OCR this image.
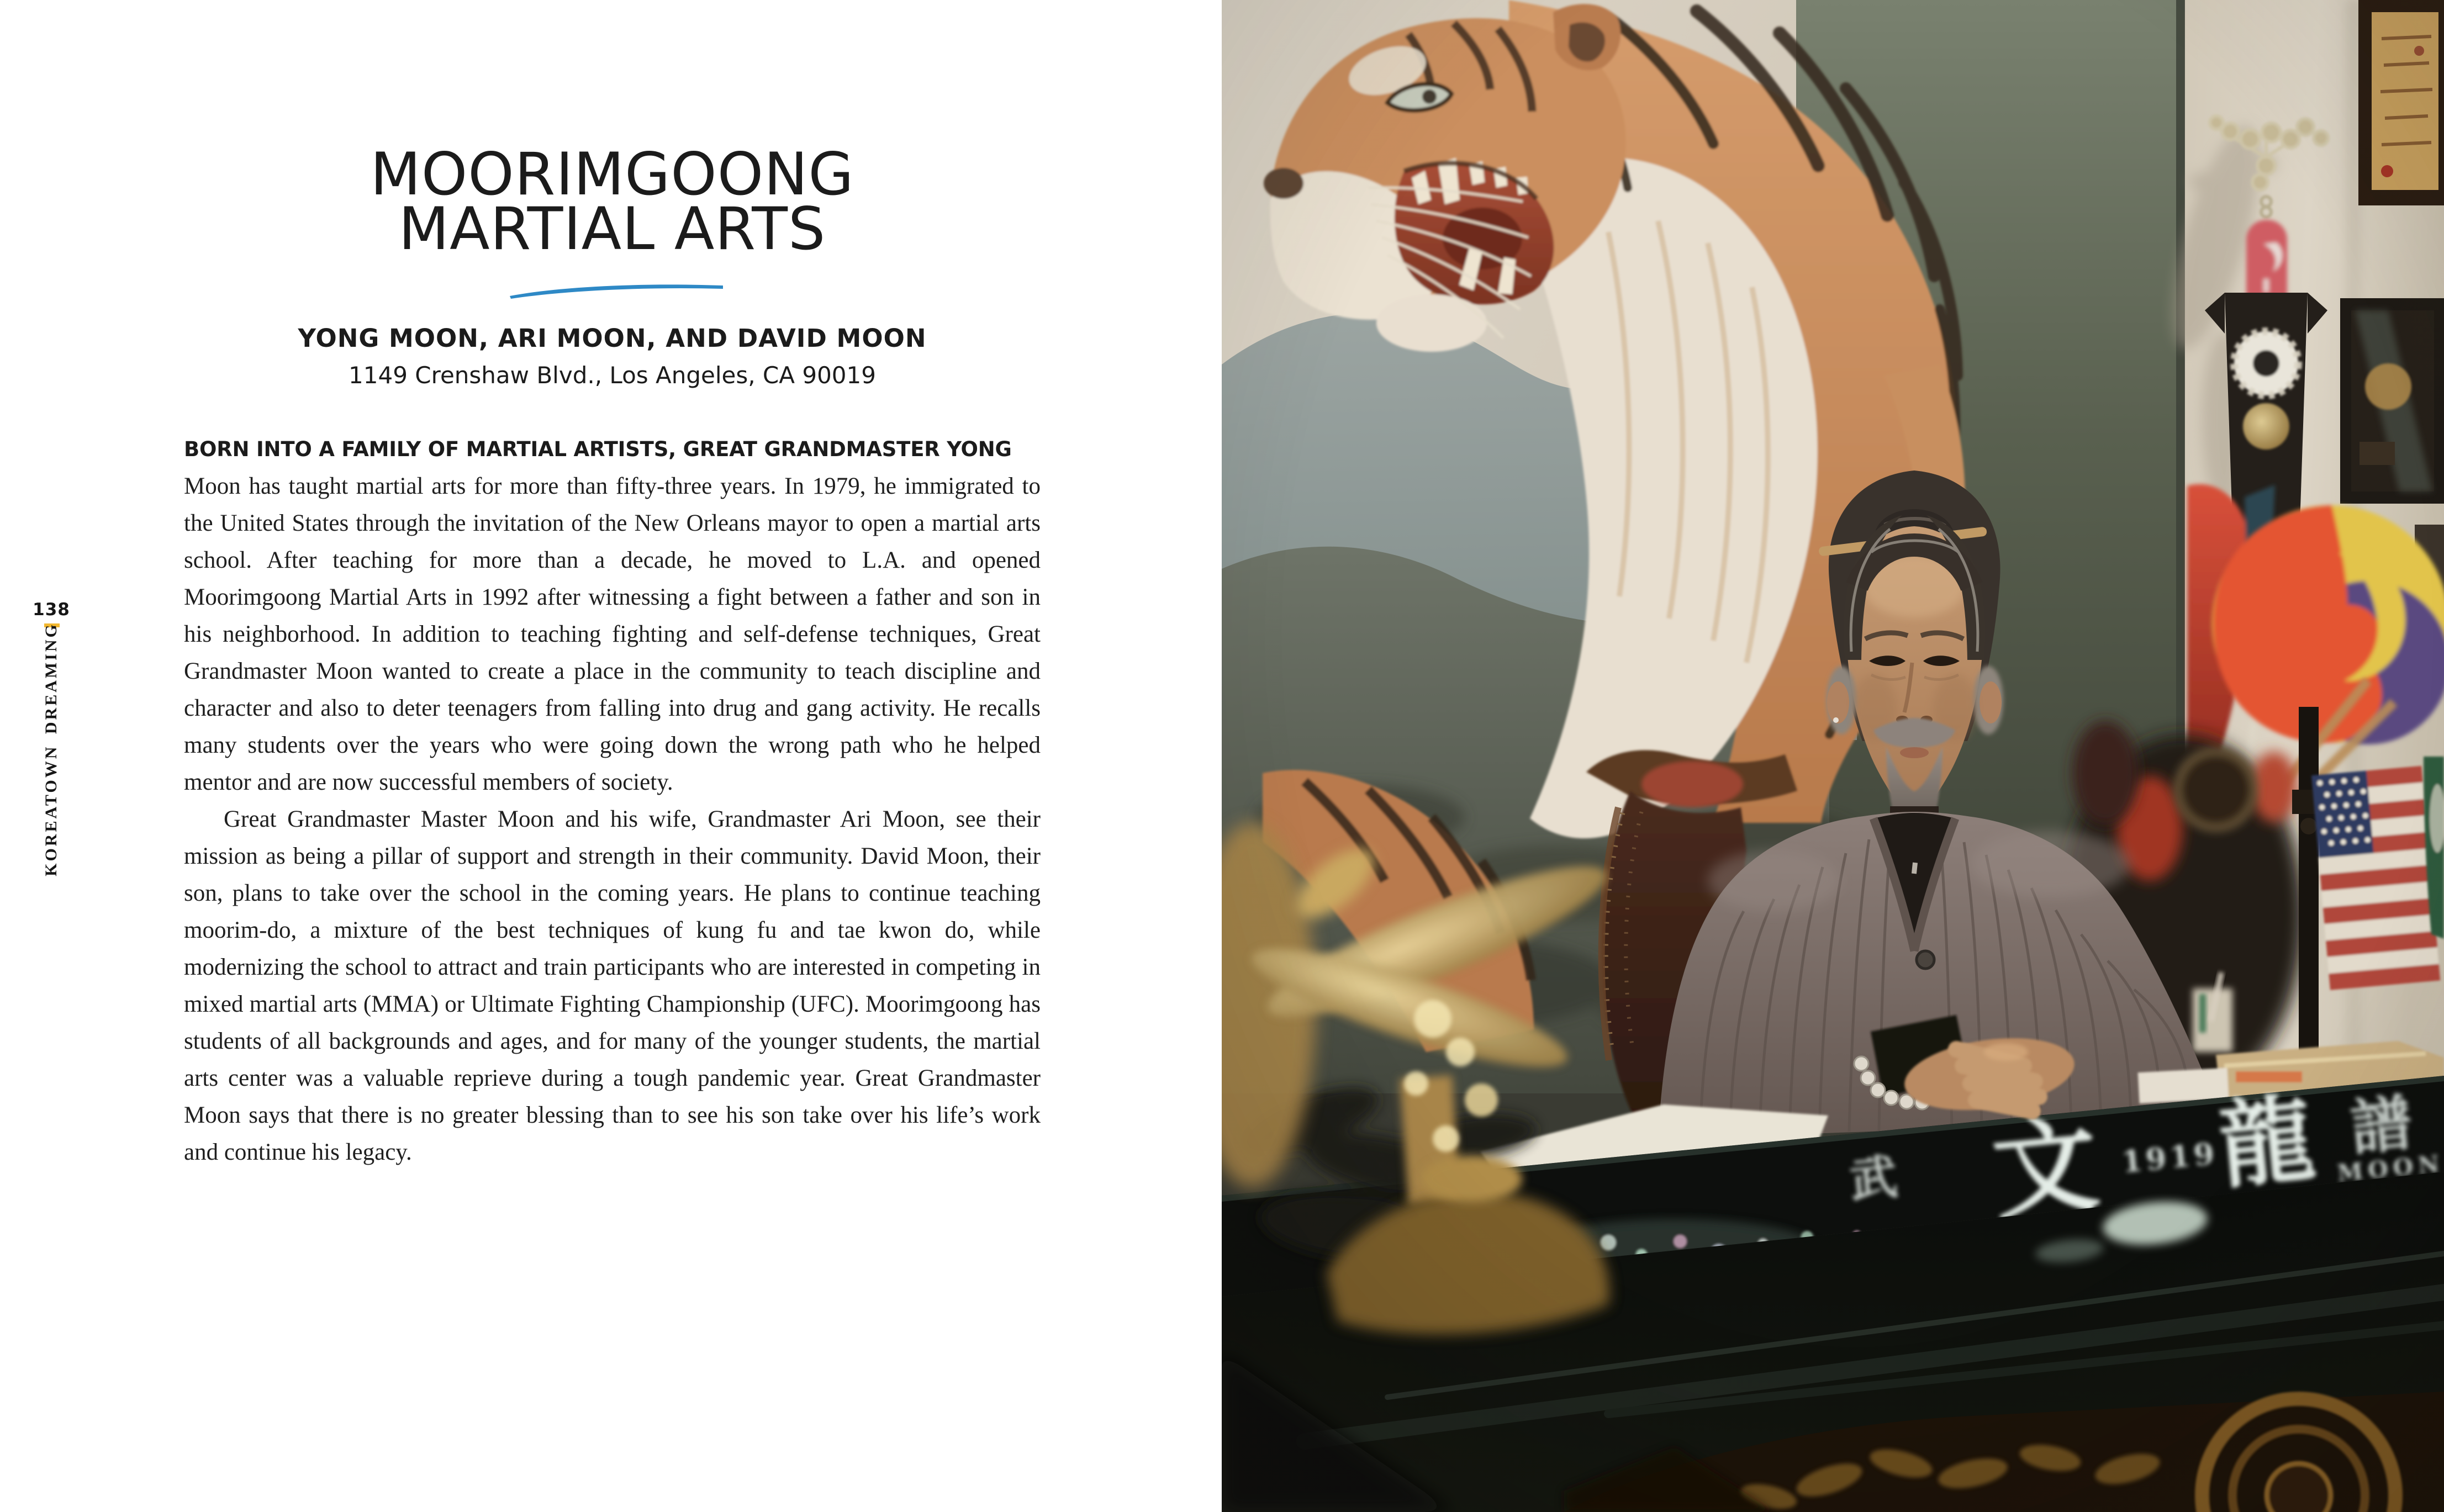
138
KOREATOWN DREAMING
MOORIMGOONG
MARTIAL ARTS
YONG MOON, ARI MOON, AND DAVID MOON
1149 Crenshaw Blvd., Los Angeles, CA 90019
BORN INTO A FAMILY OF MARTIAL ARTISTS, GREAT GRANDMASTER YONG

Moon has taught martial arts for more than fifty-three years. In 1979, he immigrated to the United States through the invitation of the New Orleans mayor to open a martial arts school. After teaching for more than a decade, he moved to L.A. and opened Moorimgoong Martial Arts in 1992 after witnessing a fight between a father and son in his neighborhood. In addition to teaching fighting and self-defense techniques, Great Grandmaster Moon wanted to create a place in the community to teach discipline and character and also to deter teenagers from falling into drug and gang activity. He recalls many students over the years who were going down the wrong path who he helped mentor and are now successful members of society.

Great Grandmaster Master Moon and his wife, Grandmaster Ari Moon, see their mission as being a pillar of support and strength in their community. David Moon, their son, plans to take over the school in the coming years. He plans to continue teaching moorim-do, a mixture of the best techniques of kung fu and tae kwon do, while modernizing the school to attract and train participants who are interested in competing in mixed martial arts (MMA) or Ultimate Fighting Championship (UFC). Moorimgoong has students of all backgrounds and ages, and for many of the younger students, the martial arts center was a valuable reprieve during a tough pandemic year. Great Grandmaster Moon says that there is no greater blessing than to see his son take over his life’s work and continue his legacy.
